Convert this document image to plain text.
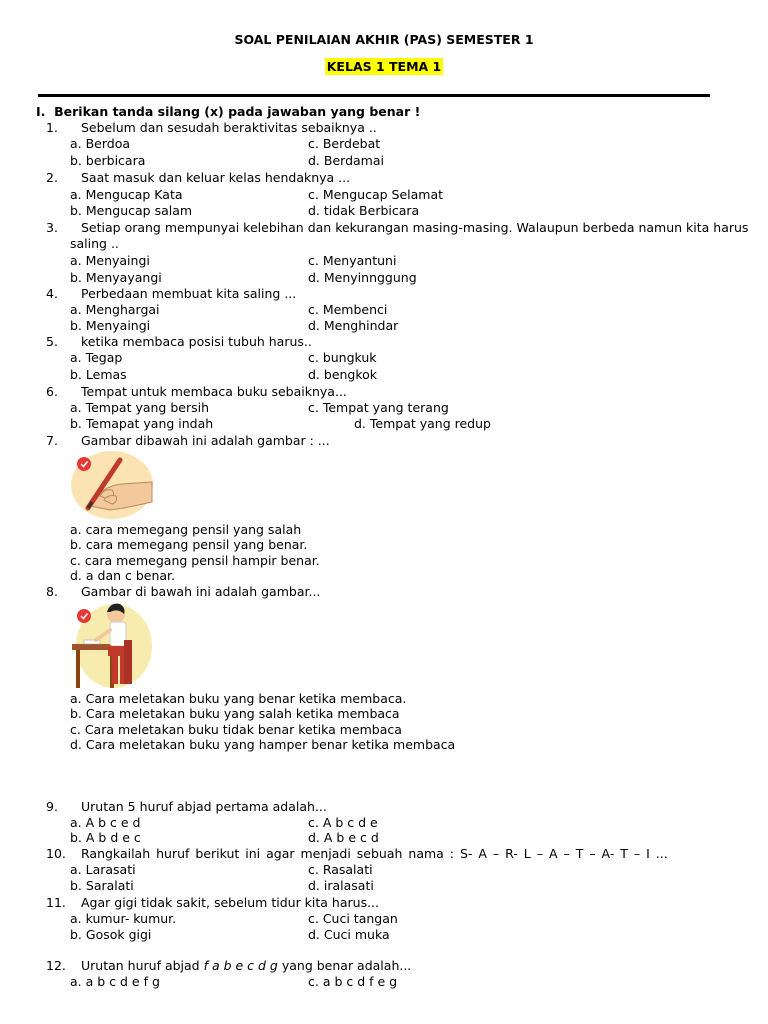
SOAL PENILAIAN AKHIR (PAS) SEMESTER 1
KELAS 1 TEMA 1
I. Berikan tanda silang (x) pada jawaban yang benar !
1. Sebelum dan sesudah beraktivitas sebaiknya ..
a. Berdoa	c. Berdebat
b. berbicara	d. Berdamai
2. Saat masuk dan keluar kelas hendaknya ...
a. Mengucap Kata	c. Mengucap Selamat
b. Mengucap salam	d. tidak Berbicara
3. Setiap orang mempunyai kelebihan dan kekurangan masing-masing. Walaupun berbeda namun kita harus
saling ..
a. Menyaingi	c. Menyantuni
b. Menyayangi	d. Menyinnggung
4. Perbedaan membuat kita saling ...
a. Menghargai	c. Membenci
b. Menyaingi	d. Menghindar
5. ketika membaca posisi tubuh harus..
a. Tegap	c. bungkuk
b. Lemas	d. bengkok
6. Tempat untuk membaca buku sebaiknya...
a. Tempat yang bersih	c. Tempat yang terang
b. Temapat yang indah	d. Tempat yang redup
7. Gambar dibawah ini adalah gambar : ...
a. cara memegang pensil yang salah
b. cara memegang pensil yang benar.
c. cara memegang pensil hampir benar.
d. a dan c benar.
8. Gambar di bawah ini adalah gambar...
a. Cara meletakan buku yang benar ketika membaca.
b. Cara meletakan buku yang salah ketika membaca
c. Cara meletakan buku tidak benar ketika membaca
d. Cara meletakan buku yang hamper benar ketika membaca
9. Urutan 5 huruf abjad pertama adalah...
a. A b c e d	c. A b c d e
b. A b d e c	d. A b e c d
10. Rangkailah huruf berikut ini agar menjadi sebuah nama : S- A – R- L – A – T – A- T – I ...
a. Larasati	c. Rasalati
b. Saralati	d. iralasati
11. Agar gigi tidak sakit, sebelum tidur kita harus...
a. kumur- kumur.	c. Cuci tangan
b. Gosok gigi	d. Cuci muka
12. Urutan huruf abjad f a b e c d g yang benar adalah...
a. a b c d e f g	c. a b c d f e g
